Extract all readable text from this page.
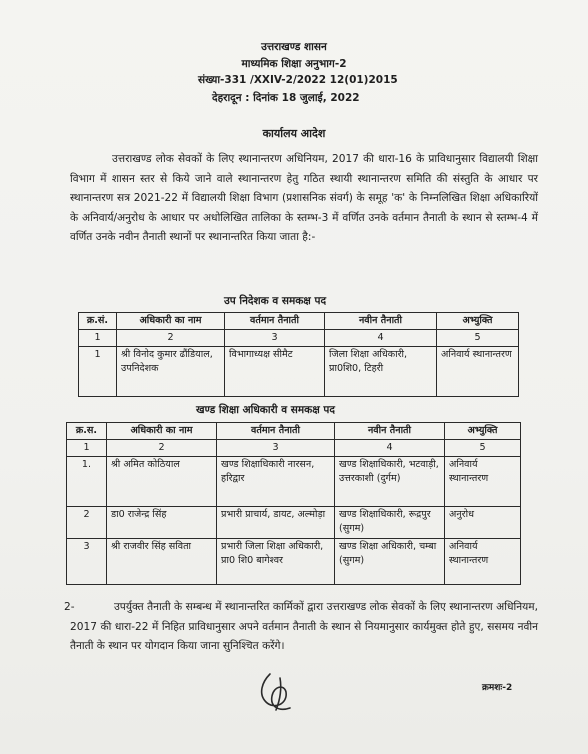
उत्तराखण्ड शासन
माध्यमिक शिक्षा अनुभाग-2
संख्या-331 /XXIV-2/2022 12(01)2015
देहरादून : दिनांक 18 जुलाई, 2022
कार्यालय आदेश
उत्तराखण्ड लोक सेवकों के लिए स्थानान्तरण अधिनियम, 2017 की धारा-16 के प्राविधानुसार विद्यालयी शिक्षा विभाग में शासन स्तर से किये जाने वाले स्थानान्तरण हेतु गठित स्थायी स्थानान्तरण समिति की संस्तुति के आधार पर स्थानान्तरण सत्र 2021-22 में विद्यालयी शिक्षा विभाग (प्रशासनिक संवर्ग) के समूह 'क' के निम्नलिखित शिक्षा अधिकारियों के अनिवार्य/अनुरोध के आधार पर अधोलिखित तालिका के स्तम्भ-3 में वर्णित उनके वर्तमान तैनाती के स्थान से स्तम्भ-4 में वर्णित उनके नवीन तैनाती स्थानों पर स्थानान्तरित किया जाता है:-
उप निदेशक व समकक्ष पद
क्र.सं.	अधिकारी का नाम	वर्तमान तैनाती	नवीन तैनाती	अभ्युक्ति
1	2	3	4	5
1	श्री विनोद कुमार ढौंडियाल, उपनिदेशक	विभागाध्यक्ष सीमैट	जिला शिक्षा अधिकारी, प्रा0शि0, टिहरी	अनिवार्य स्थानान्तरण
खण्ड शिक्षा अधिकारी व समकक्ष पद
क्र.स.	अधिकारी का नाम	वर्तमान तैनाती	नवीन तैनाती	अभ्युक्ति
1	2	3	4	5
1.	श्री अमित कोठियाल	खण्ड शिक्षाधिकारी नारसन, हरिद्वार	खण्ड शिक्षाधिकारी, भटवाड़ी, उत्तरकाशी (दुर्गम)	अनिवार्य स्थानान्तरण
2	डा0 राजेन्द्र सिंह	प्रभारी प्राचार्य, डायट, अल्मोड़ा	खण्ड शिक्षाधिकारी, रूद्रपुर (सुगम)	अनुरोध
3	श्री राजवीर सिंह सविता	प्रभारी जिला शिक्षा अधिकारी, प्रा0 शि0 बागेश्वर	खण्ड शिक्षा अधिकारी, चम्बा (सुगम)	अनिवार्य स्थानान्तरण
2-	उपर्युक्त तैनाती के सम्बन्ध में स्थानान्तरित कार्मिकों द्वारा उत्तराखण्ड लोक सेवकों के लिए स्थानान्तरण अधिनियम, 2017 की धारा-22 में निहित प्राविधानुसार अपने वर्तमान तैनाती के स्थान से नियमानुसार कार्यमुक्त होते हुए, ससमय नवीन तैनाती के स्थान पर योगदान किया जाना सुनिश्चित करेंगे।
क्रमशः-2
